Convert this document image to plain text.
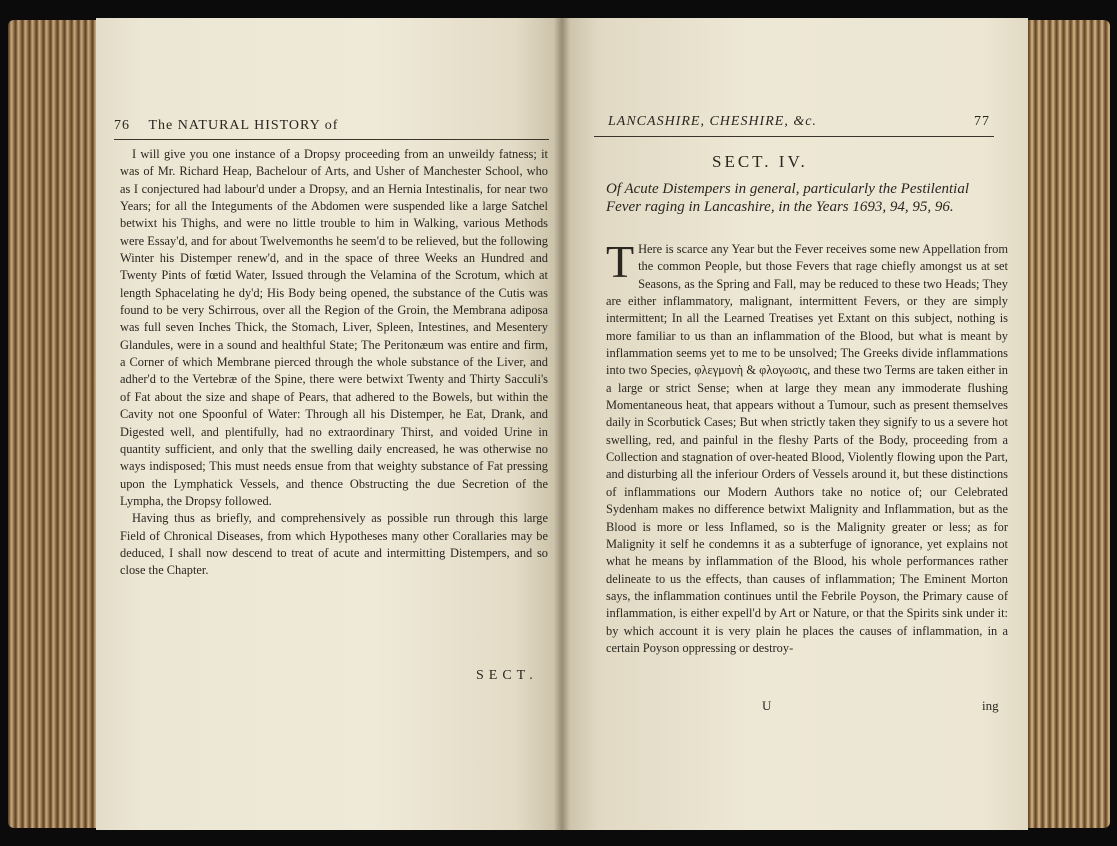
76 The NATURAL HISTORY of

I will give you one instance of a Dropsy proceeding from an unweildy fatness; it was of Mr. Richard Heap, Bachelour of Arts, and Usher of Manchester School, who as I conjectured had labour'd under a Dropsy, and an Hernia Intestinalis, for near two Years; for all the Integuments of the Abdomen were suspended like a large Satchel betwixt his Thighs, and were no little trouble to him in Walking, various Methods were Essay'd, and for about Twelvemonths he seem'd to be relieved, but the following Winter his Distemper renew'd, and in the space of three Weeks an Hundred and Twenty Pints of fœtid Water, Issued through the Velamina of the Scrotum, which at length Sphacelating he dy'd; His Body being opened, the substance of the Cutis was found to be very Schirrous, over all the Region of the Groin, the Membrana adiposa was full seven Inches Thick, the Stomach, Liver, Spleen, Intestines, and Mesentery Glandules, were in a sound and healthful State; The Peritonæum was entire and firm, a Corner of which Membrane pierced through the whole substance of the Liver, and adher'd to the Vertebræ of the Spine, there were betwixt Twenty and Thirty Sacculi's of Fat about the size and shape of Pears, that adhered to the Bowels, but within the Cavity not one Spoonful of Water: Through all his Distemper, he Eat, Drank, and Digested well, and plentifully, had no extraordinary Thirst, and voided Urine in quantity sufficient, and only that the swelling daily encreased, he was otherwise no ways indisposed; This must needs ensue from that weighty substance of Fat pressing upon the Lymphatick Vessels, and thence Obstructing the due Secretion of the Lympha, the Dropsy followed.

Having thus as briefly, and comprehensively as possible run through this large Field of Chronical Diseases, from which Hypotheses many other Corallaries may be deduced, I shall now descend to treat of acute and intermitting Distempers, and so close the Chapter.

SECT.
LANCASHIRE, CHESHIRE, &c.	77
SECT. IV.
Of Acute Distempers in general, particularly the Pestilential Fever raging in Lancashire, in the Years 1693, 94, 95, 96.
T Here is scarce any Year but the Fever receives some new Appellation from the common People, but those Fevers that rage chiefly amongst us at set Seasons, as the Spring and Fall, may be reduced to these two Heads; They are either inflammatory, malignant, intermittent Fevers, or they are simply intermittent; In all the Learned Treatises yet Extant on this subject, nothing is more familiar to us than an inflammation of the Blood, but what is meant by inflammation seems yet to me to be unsolved; The Greeks divide inflammations into two Species, φλεγμονὴ & φλογωσις, and these two Terms are taken either in a large or strict Sense; when at large they mean any immoderate flushing Momentaneous heat, that appears without a Tumour, such as present themselves daily in Scorbutick Cases; But when strictly taken they signify to us a severe hot swelling, red, and painful in the fleshy Parts of the Body, proceeding from a Collection and stagnation of over-heated Blood, Violently flowing upon the Part, and disturbing all the inferiour Orders of Vessels around it, but these distinctions of inflammations our Modern Authors take no notice of; our Celebrated Sydenham makes no difference betwixt Malignity and Inflammation, but as the Blood is more or less Inflamed, so is the Malignity greater or less; as for Malignity it self he condemns it as a subterfuge of ignorance, yet explains not what he means by inflammation of the Blood, his whole performances rather delineate to us the effects, than causes of inflammation; The Eminent Morton says, the inflammation continues until the Febrile Poyson, the Primary cause of inflammation, is either expell'd by Art or Nature, or that the Spirits sink under it: by which account it is very plain he places the causes of inflammation, in a certain Poyson oppressing or destroy-
U	ing
